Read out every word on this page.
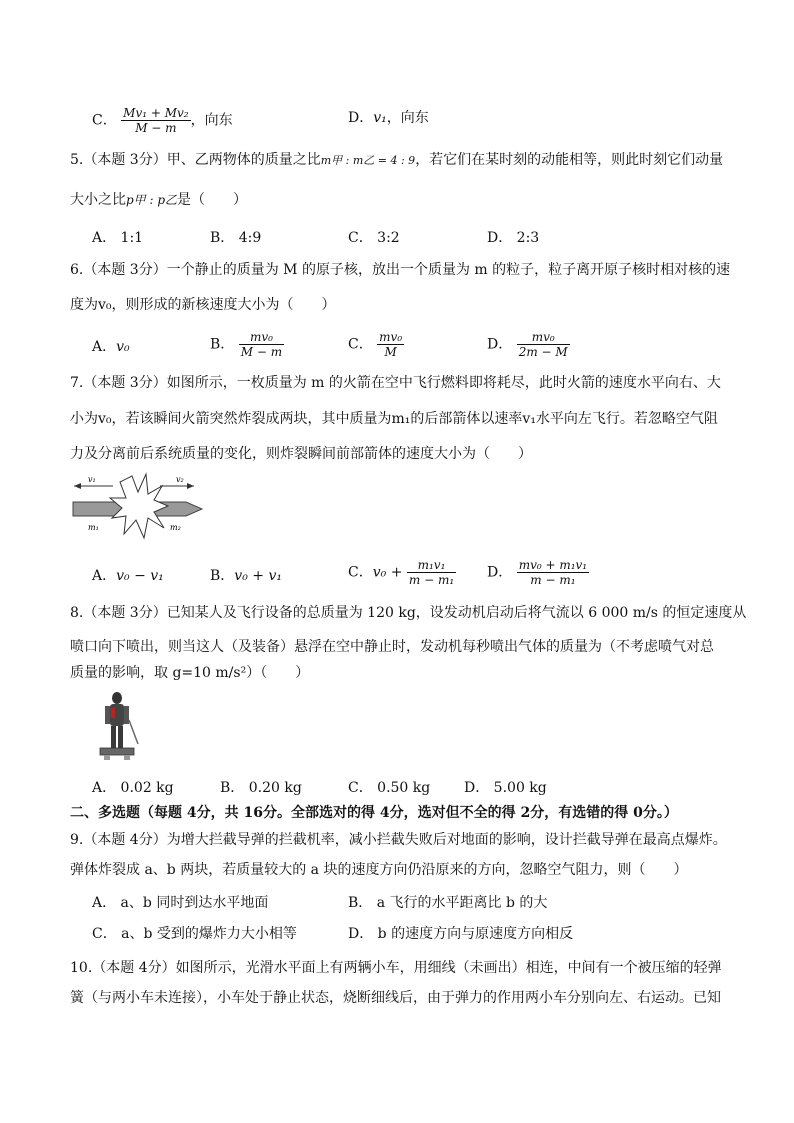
C． $\frac{\text{Mv₁ + Mv₂}}{M - m}$ ，向东	D．v₁，向东
5.（本题 3分）甲、乙两物体的质量之比m甲 : m乙 = 4 : 9，若它们在某时刻的动能相等，则此时刻它们动量
大小之比p甲 : p乙是（　　）
A． 1:1	B． 4:9	C． 3:2	D． 2:3
6.（本题 3分）一个静止的质量为 M 的原子核，放出一个质量为 m 的粒子，粒子离开原子核时相对核的速
度为v₀，则形成的新核速度大小为（　　）
A．v₀	B． $\frac{\text{mv₀}}{M - m}$	C． $\frac{\text{mv₀}}{M}$	D． $\frac{\text{mv₀}}{2m - M}$
7.（本题 3分）如图所示，一枚质量为 m 的火箭在空中飞行燃料即将耗尽，此时火箭的速度水平向右、大
小为v₀，若该瞬间火箭突然炸裂成两块，其中质量为m₁的后部箭体以速率v₁水平向左飞行。若忽略空气阻
力及分离前后系统质量的变化，则炸裂瞬间前部箭体的速度大小为（　　）
v₁	v₂
m₁	m₂
A．v₀ − v₁	B．v₀ + v₁	C．$v_0 + \frac{\text{m₁v₁}}{\text{m − m₁}}$ D． $\frac{\text{mv₀ + m₁v₁}}{\text{m − m₁}}$
8.（本题 3分）已知某人及飞行设备的总质量为 120 kg，设发动机启动后将气流以 6 000 m/s 的恒定速度从
喷口向下喷出，则当这人（及装备）悬浮在空中静止时，发动机每秒喷出气体的质量为（不考虑喷气对总
质量的影响，取 g=10 m/s²）（　　）
A． 0.02 kg	B． 0.20 kg	C． 0.50 kg D． 5.00 kg
二、多选题（每题 4分，共 16分。全部选对的得 4分，选对但不全的得 2分，有选错的得 0分。）
9.（本题 4分）为增大拦截导弹的拦截机率，减小拦截失败后对地面的影响，设计拦截导弹在最高点爆炸。
弹体炸裂成 a、b 两块，若质量较大的 a 块的速度方向仍沿原来的方向，忽略空气阻力，则（　　）
A． a、b 同时到达水平地面	B． a 飞行的水平距离比 b 的大
C． a、b 受到的爆炸力大小相等	D． b 的速度方向与原速度方向相反
10.（本题 4分）如图所示，光滑水平面上有两辆小车，用细线（未画出）相连，中间有一个被压缩的轻弹
簧（与两小车未连接），小车处于静止状态，烧断细线后，由于弹力的作用两小车分别向左、右运动。已知
